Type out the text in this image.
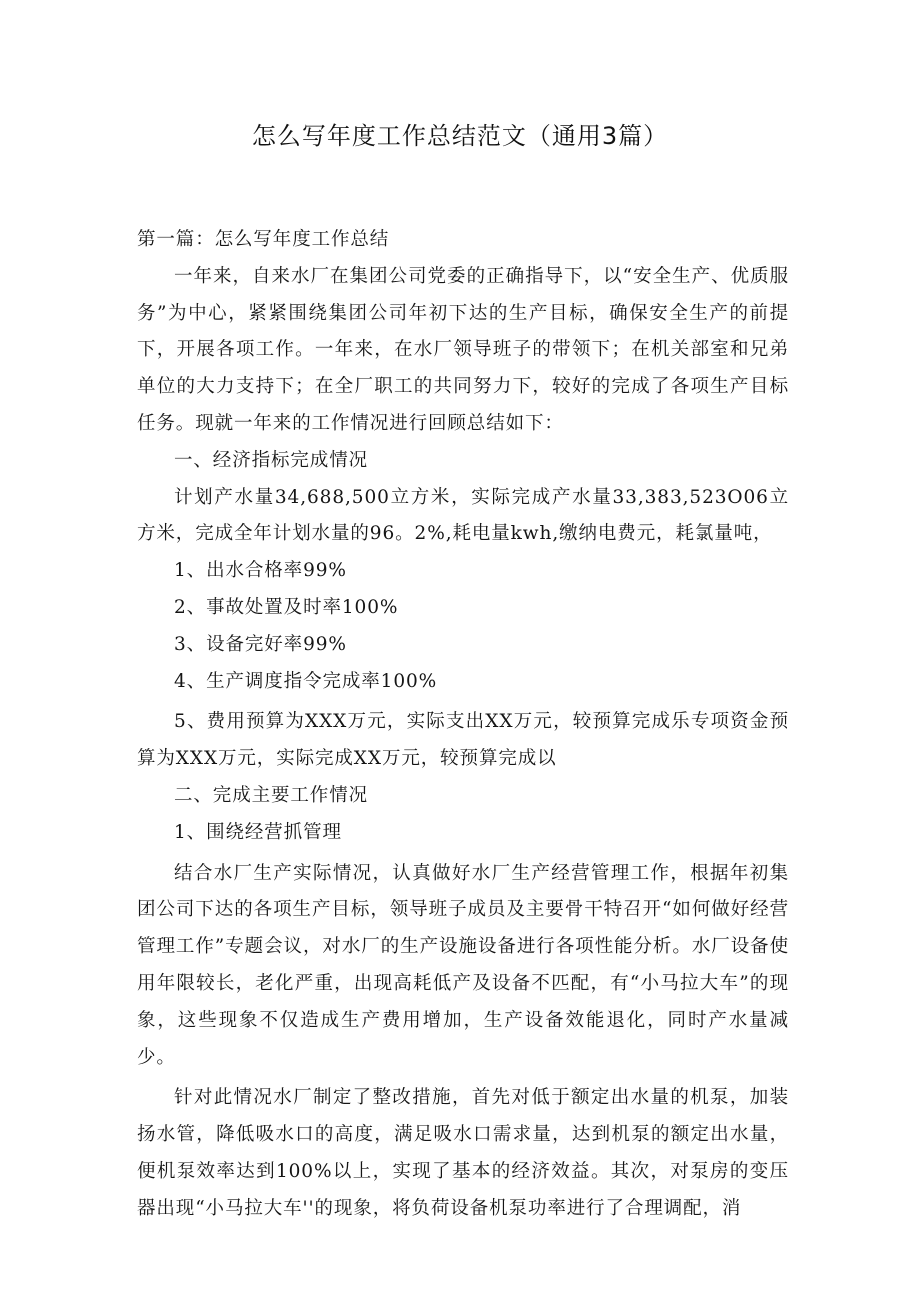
怎么写年度工作总结范文（通用3篇）

第一篇：怎么写年度工作总结

一年来，自来水厂在集团公司党委的正确指导下，以“安全生产、优质服务”为中心，紧紧围绕集团公司年初下达的生产目标，确保安全生产的前提下，开展各项工作。一年来，在水厂领导班子的带领下；在机关部室和兄弟单位的大力支持下；在全厂职工的共同努力下，较好的完成了各项生产目标任务。现就一年来的工作情况进行回顾总结如下：

一、经济指标完成情况

计划产水量34,688,500立方米，实际完成产水量33,383,523O06立方米，完成全年计划水量的96。2%,耗电量kwh,缴纳电费元，耗氯量吨，

1、出水合格率99%

2、事故处置及时率100%

3、设备完好率99%

4、生产调度指令完成率100%

5、费用预算为XXX万元，实际支出XX万元，较预算完成乐专项资金预算为XXX万元，实际完成XX万元，较预算完成以

二、完成主要工作情况

1、围绕经营抓管理

结合水厂生产实际情况，认真做好水厂生产经营管理工作，根据年初集团公司下达的各项生产目标，领导班子成员及主要骨干特召开“如何做好经营管理工作”专题会议，对水厂的生产设施设备进行各项性能分析。水厂设备使用年限较长，老化严重，出现高耗低产及设备不匹配，有“小马拉大车”的现象，这些现象不仅造成生产费用增加，生产设备效能退化，同时产水量减少。

针对此情况水厂制定了整改措施，首先对低于额定出水量的机泵，加装扬水管，降低吸水口的高度，满足吸水口需求量，达到机泵的额定出水量，便机泵效率达到100%以上，实现了基本的经济效益。其次，对泵房的变压器出现“小马拉大车''的现象，将负荷设备机泵功率进行了合理调配，消
